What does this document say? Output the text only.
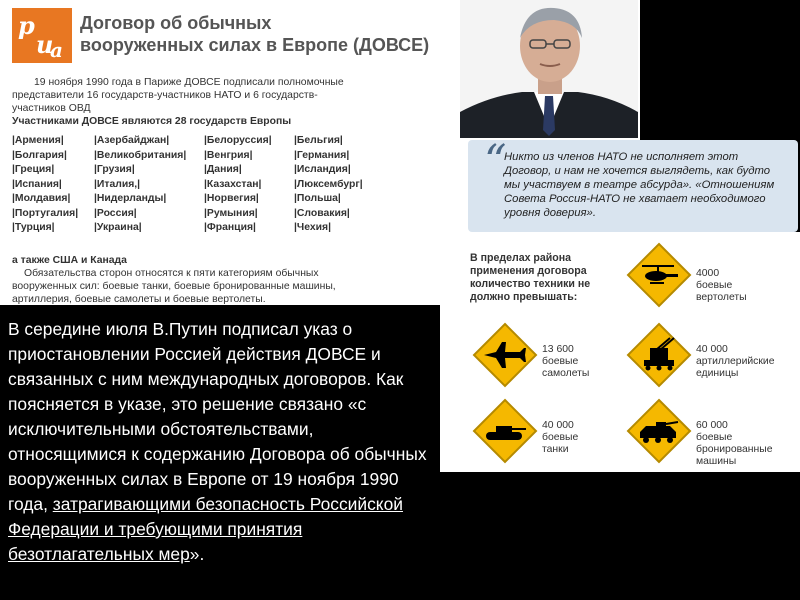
р
и
а
Договор об обычных
вооруженных силах в Европе (ДОВСЕ)
19 ноября 1990 года в Париже ДОВСЕ подписали полномочные
представители 16 государств-участников НАТО и 6 государств-
участников ОВД
Участниками ДОВСЕ являются 28 государств Европы
|Армения|	|Азербайджан|	|Белоруссия| |Бельгия|
|Болгария|	|Великобритания| |Венгрия|	|Германия|
|Греция|	|Грузия|	|Дания|	|Исландия|
|Испания|	|Италия,|	|Казахстан|	|Люксембург|
|Молдавия| |Нидерланды|	|Норвегия|	|Польша|
|Португалия| |Россия|	|Румыния|	|Словакия|
|Турция|	|Украина|	|Франция|	|Чехия|
а также США и Канада
Обязательства сторон относятся к пяти категориям обычных
вооруженных сил: боевые танки, боевые бронированные машины,
артиллерия, боевые самолеты и боевые вертолеты.
“

Никто из членов НАТО не исполняет этот Договор, и нам не хочется выглядеть, как будто мы участвуем в театре абсурда». «Отношениям Совета Россия-НАТО не хватает необходимого уровня доверия».

В пределах района применения договора количество техники не должно превышать:
4000
боевые вертолеты
13 600
боевые самолеты
40 000
артиллерийские единицы
40 000
боевые танки
60 000
боевые бронированные машины

В середине июля В.Путин подписал указ о приостановлении Россией действия ДОВСЕ и связанных с ним международных договоров. Как поясняется в указе, это решение связано «с исключительными обстоятельствами, относящимися к содержанию Договора об обычных вооруженных силах в Европе от 19 ноября 1990 года, затрагивающими безопасность Российской Федерации и требующими принятия безотлагательных мер».
